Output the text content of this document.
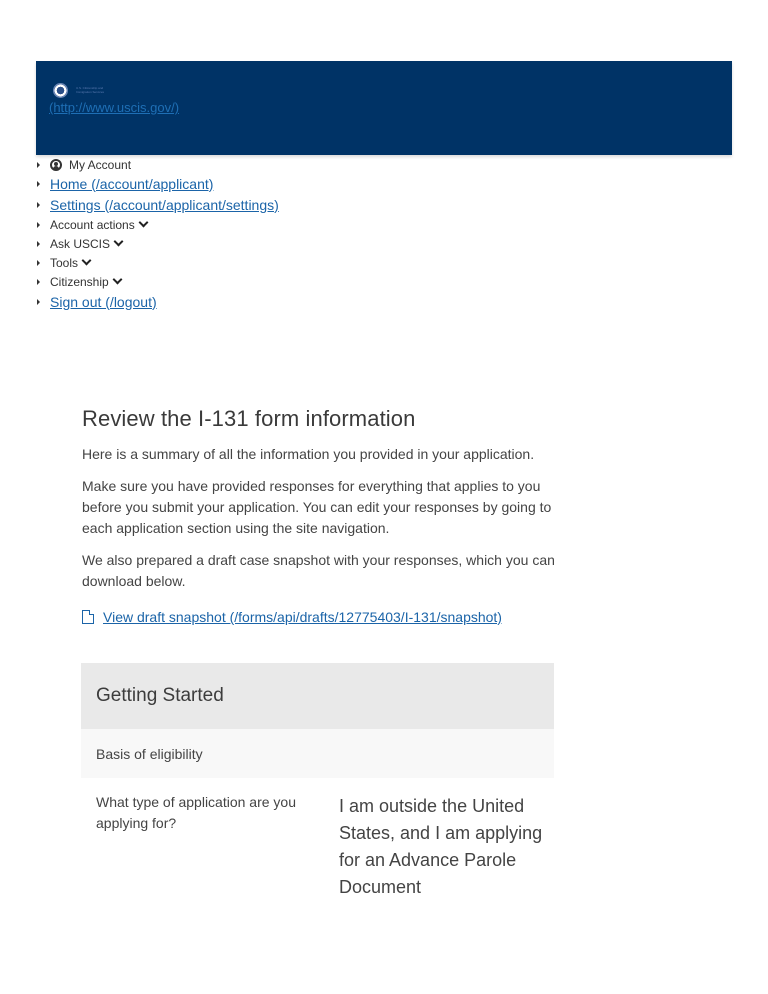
U.S. Citizenship and Immigration Services
(http://www.uscis.gov/)
My Account
Home (/account/applicant)
Settings (/account/applicant/settings)
Account actions
Ask USCIS
Tools
Citizenship
Sign out (/logout)
Review the I-131 form information

Here is a summary of all the information you provided in your application.

Make sure you have provided responses for everything that applies to you before you submit your application. You can edit your responses by going to each application section using the site navigation.

We also prepared a draft case snapshot with your responses, which you can download below.

View draft snapshot (/forms/api/drafts/12775403/I-131/snapshot)
Getting Started
Basis of eligibility
What type of application are you applying for?
I am outside the United States, and I am applying for an Advance Parole Document
